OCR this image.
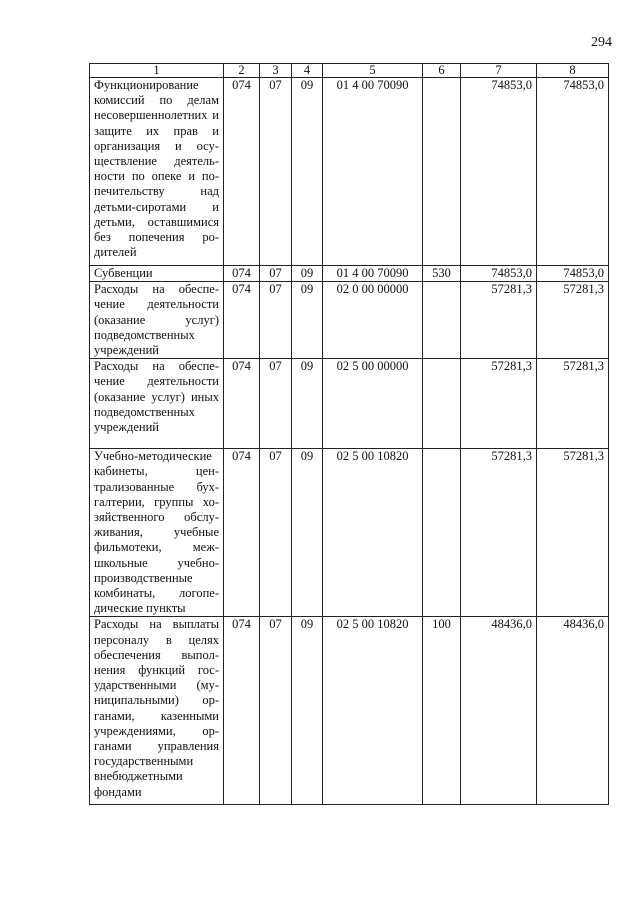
294
1	2	3	4	5	6	7	8
Функционирование комиссий по делам несовершеннолетних и защите их прав и организация и осуществление деятельности по опеке и попечительству над детьми-сиротами и детьми, оставшимися без попечения родителей	074	07	09	01 4 00 70090		74853,0	74853,0
Субвенции	074	07	09	01 4 00 70090	530	74853,0	74853,0
Расходы на обеспечение деятельности (оказание услуг) подведомственных учреждений	074	07	09	02 0 00 00000		57281,3	57281,3
Расходы на обеспечение деятельности (оказание услуг) иных подведомственных учреждений	074	07	09	02 5 00 00000		57281,3	57281,3
Учебно-методические кабинеты, централизованные бухгалтерии, группы хозяйственного обслуживания, учебные фильмотеки, межшкольные учебно-производственные комбинаты, логопедические пункты	074	07	09	02 5 00 10820		57281,3	57281,3
Расходы на выплаты персоналу в целях обеспечения выполнения функций государственными (муниципальными) органами, казенными учреждениями, органами управления государственными внебюджетными фондами	074	07	09	02 5 00 10820	100	48436,0	48436,0
